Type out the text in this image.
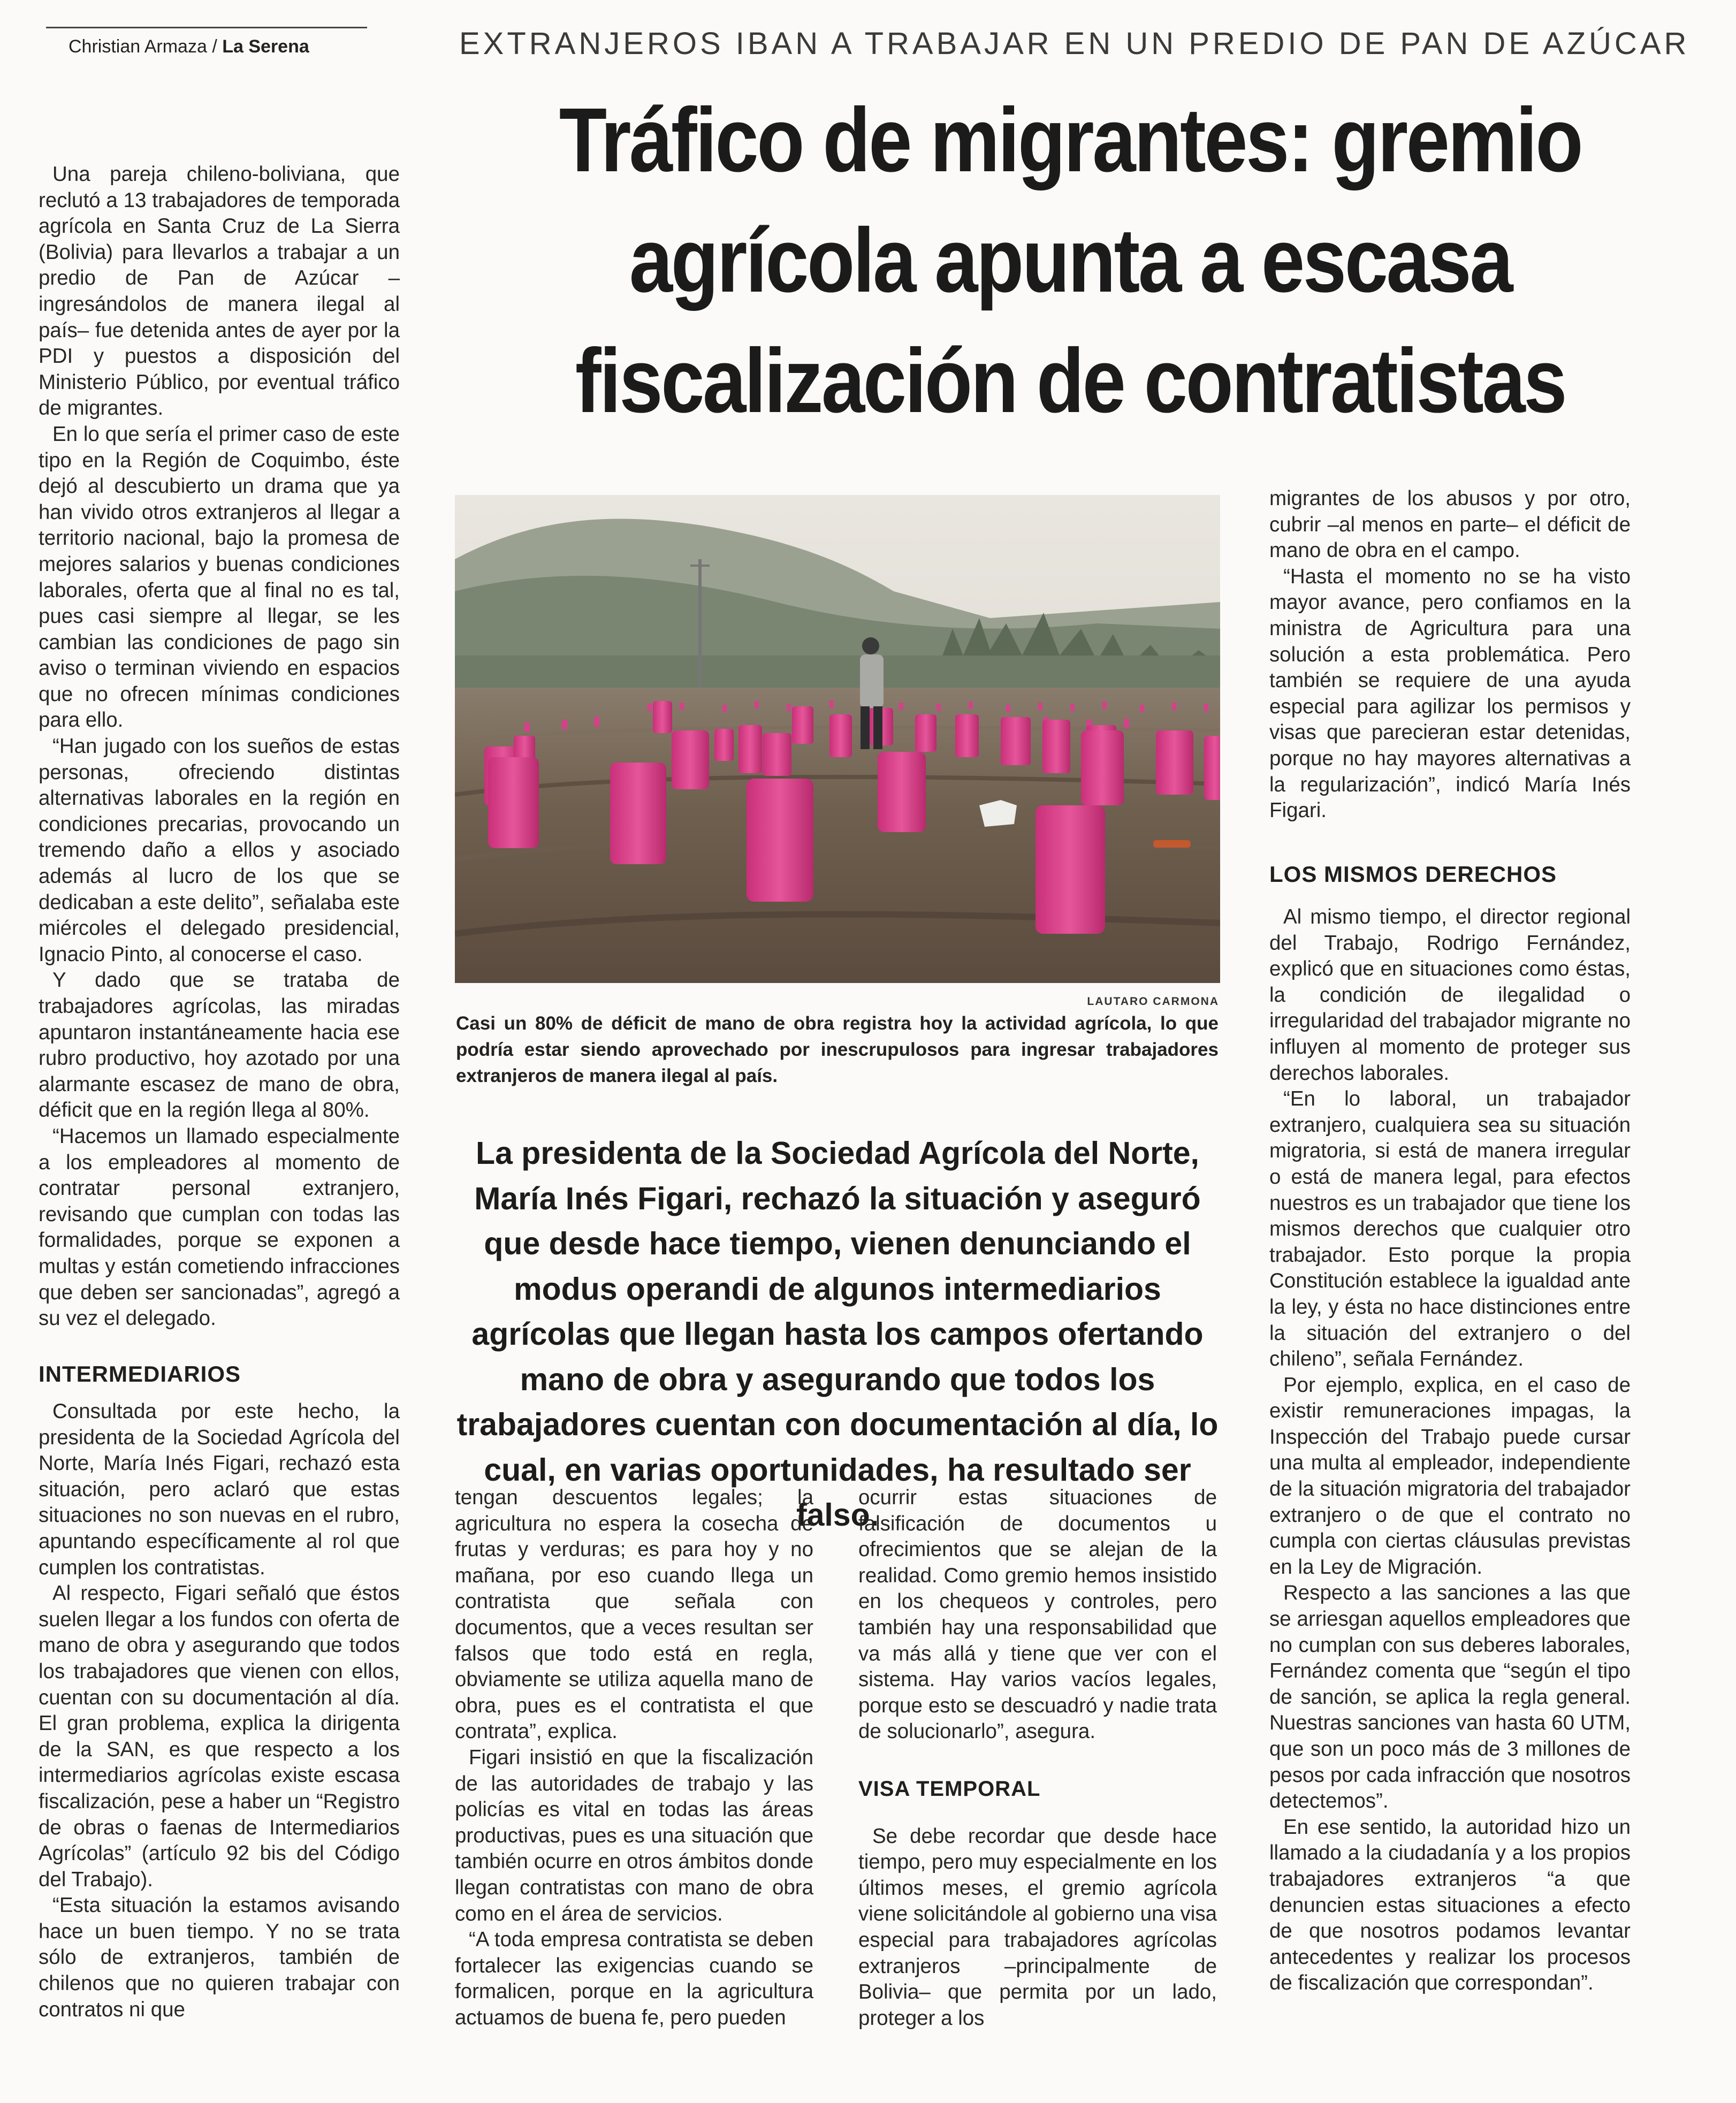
Christian Armaza / La Serena	EXTRANJEROS IBAN A TRABAJAR EN UN PREDIO DE PAN DE AZÚCAR
Tráfico de migrantes: gremio agrícola apunta a escasa fiscalización de contratistas

Una pareja chileno-boliviana, que reclutó a 13 trabajadores de temporada agrícola en Santa Cruz de La Sierra (Bolivia) para llevarlos a trabajar a un predio de Pan de Azúcar –ingresándolos de manera ilegal al país– fue detenida antes de ayer por la PDI y puestos a disposición del Ministerio Público, por eventual tráfico de migrantes.

En lo que sería el primer caso de este tipo en la Región de Coquimbo, éste dejó al descubierto un drama que ya han vivido otros extranjeros al llegar a territorio nacional, bajo la promesa de mejores salarios y buenas condiciones laborales, oferta que al final no es tal, pues casi siempre al llegar, se les cambian las condiciones de pago sin aviso o terminan viviendo en espacios que no ofrecen mínimas condiciones para ello.

“Han jugado con los sueños de estas personas, ofreciendo distintas alternativas laborales en la región en condiciones precarias, provocando un tremendo daño a ellos y asociado además al lucro de los que se dedicaban a este delito”, señalaba este miércoles el delegado presidencial, Ignacio Pinto, al conocerse el caso.

Y dado que se trataba de trabajadores agrícolas, las miradas apuntaron instantáneamente hacia ese rubro productivo, hoy azotado por una alarmante escasez de mano de obra, déficit que en la región llega al 80%.

“Hacemos un llamado especialmente a los empleadores al momento de contratar personal extranjero, revisando que cumplan con todas las formalidades, porque se exponen a multas y están cometiendo infracciones que deben ser sancionadas”, agregó a su vez el delegado.

INTERMEDIARIOS

Consultada por este hecho, la presidenta de la Sociedad Agrícola del Norte, María Inés Figari, rechazó esta situación, pero aclaró que estas situaciones no son nuevas en el rubro, apuntando específicamente al rol que cumplen los contratistas.

Al respecto, Figari señaló que éstos suelen llegar a los fundos con oferta de mano de obra y asegurando que todos los trabajadores que vienen con ellos, cuentan con su documentación al día. El gran problema, explica la dirigenta de la SAN, es que respecto a los intermediarios agrícolas existe escasa fiscalización, pese a haber un “Registro de obras o faenas de Intermediarios Agrícolas” (artículo 92 bis del Código del Trabajo).

“Esta situación la estamos avisando hace un buen tiempo. Y no se trata sólo de extranjeros, también de chilenos que no quieren trabajar con contratos ni que

LAUTARO CARMONA
Casi un 80% de déficit de mano de obra registra hoy la actividad agrícola, lo que podría estar siendo aprovechado por inescrupulosos para ingresar trabajadores extranjeros de manera ilegal al país.
La presidenta de la Sociedad Agrícola del Norte, María Inés Figari, rechazó la situación y aseguró que desde hace tiempo, vienen denunciando el modus operandi de algunos intermediarios agrícolas que llegan hasta los campos ofertando mano de obra y asegurando que todos los trabajadores cuentan con documentación al día, lo cual, en varias oportunidades, ha resultado ser falso.

tengan descuentos legales; la agricultura no espera la cosecha de frutas y verduras; es para hoy y no mañana, por eso cuando llega un contratista que señala con documentos, que a veces resultan ser falsos que todo está en regla, obviamente se utiliza aquella mano de obra, pues es el contratista el que contrata”, explica.

Figari insistió en que la fiscalización de las autoridades de trabajo y las policías es vital en todas las áreas productivas, pues es una situación que también ocurre en otros ámbitos donde llegan contratistas con mano de obra como en el área de servicios.

“A toda empresa contratista se deben fortalecer las exigencias cuando se formalicen, porque en la agricultura actuamos de buena fe, pero pueden

ocurrir estas situaciones de falsificación de documentos u ofrecimientos que se alejan de la realidad. Como gremio hemos insistido en los chequeos y controles, pero también hay una responsabilidad que va más allá y tiene que ver con el sistema. Hay varios vacíos legales, porque esto se descuadró y nadie trata de solucionarlo”, asegura.

VISA TEMPORAL

Se debe recordar que desde hace tiempo, pero muy especialmente en los últimos meses, el gremio agrícola viene solicitándole al gobierno una visa especial para trabajadores agrícolas extranjeros –principalmente de Bolivia– que permita por un lado, proteger a los

migrantes de los abusos y por otro, cubrir –al menos en parte– el déficit de mano de obra en el campo.

“Hasta el momento no se ha visto mayor avance, pero confiamos en la ministra de Agricultura para una solución a esta problemática. Pero también se requiere de una ayuda especial para agilizar los permisos y visas que parecieran estar detenidas, porque no hay mayores alternativas a la regularización”, indicó María Inés Figari.

LOS MISMOS DERECHOS

Al mismo tiempo, el director regional del Trabajo, Rodrigo Fernández, explicó que en situaciones como éstas, la condición de ilegalidad o irregularidad del trabajador migrante no influyen al momento de proteger sus derechos laborales.

“En lo laboral, un trabajador extranjero, cualquiera sea su situación migratoria, si está de manera irregular o está de manera legal, para efectos nuestros es un trabajador que tiene los mismos derechos que cualquier otro trabajador. Esto porque la propia Constitución establece la igualdad ante la ley, y ésta no hace distinciones entre la situación del extranjero o del chileno”, señala Fernández.

Por ejemplo, explica, en el caso de existir remuneraciones impagas, la Inspección del Trabajo puede cursar una multa al empleador, independiente de la situación migratoria del trabajador extranjero o de que el contrato no cumpla con ciertas cláusulas previstas en la Ley de Migración.

Respecto a las sanciones a las que se arriesgan aquellos empleadores que no cumplan con sus deberes laborales, Fernández comenta que “según el tipo de sanción, se aplica la regla general. Nuestras sanciones van hasta 60 UTM, que son un poco más de 3 millones de pesos por cada infracción que nosotros detectemos”.

En ese sentido, la autoridad hizo un llamado a la ciudadanía y a los propios trabajadores extranjeros “a que denuncien estas situaciones a efecto de que nosotros podamos levantar antecedentes y realizar los procesos de fiscalización que correspondan”.
